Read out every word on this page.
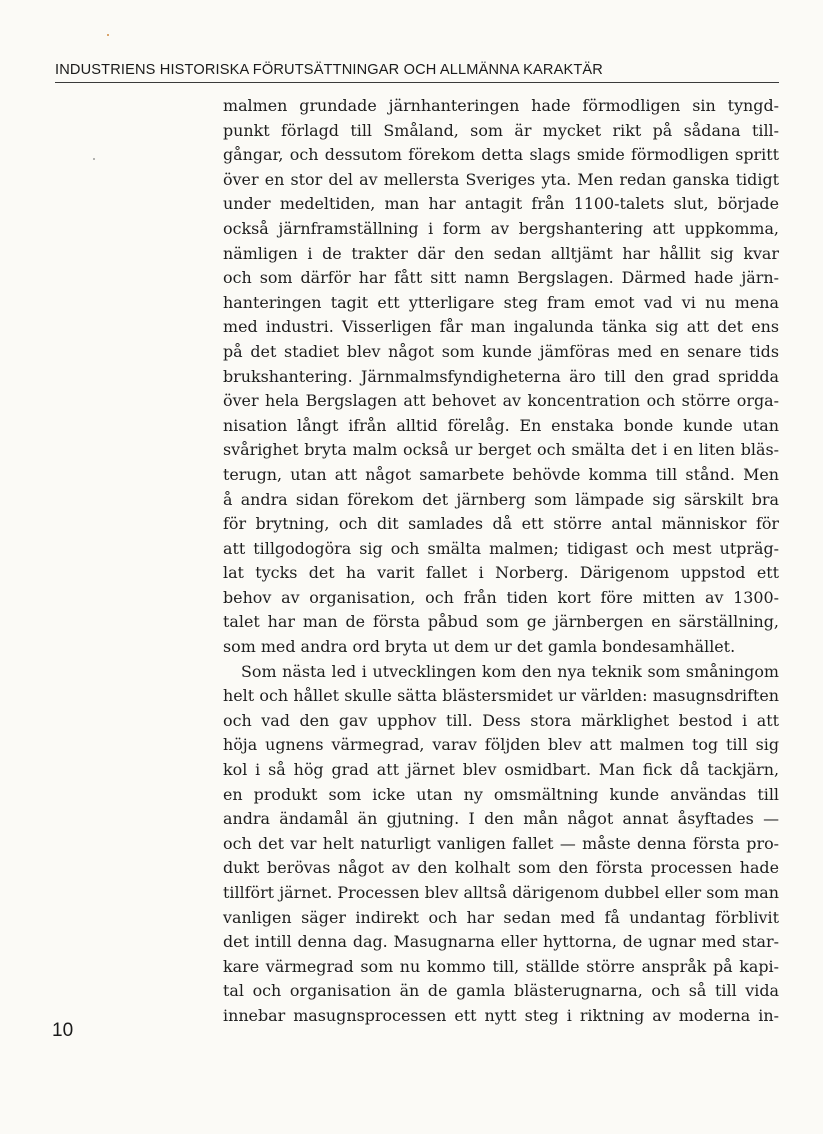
INDUSTRIENS HISTORISKA FÖRUTSÄTTNINGAR OCH ALLMÄNNA KARAKTÄR
malmen grundade järnhanteringen hade förmodligen sin tyngd-
punkt förlagd till Småland, som är mycket rikt på sådana till-
gångar, och dessutom förekom detta slags smide förmodligen spritt
över en stor del av mellersta Sveriges yta. Men redan ganska tidigt
under medeltiden, man har antagit från 1100-talets slut, började
också järnframställning i form av bergshantering att uppkomma,
nämligen i de trakter där den sedan alltjämt har hållit sig kvar
och som därför har fått sitt namn Bergslagen. Därmed hade järn-
hanteringen tagit ett ytterligare steg fram emot vad vi nu mena
med industri. Visserligen får man ingalunda tänka sig att det ens
på det stadiet blev något som kunde jämföras med en senare tids
brukshantering. Järnmalmsfyndigheterna äro till den grad spridda
över hela Bergslagen att behovet av koncentration och större orga-
nisation långt ifrån alltid förelåg. En enstaka bonde kunde utan
svårighet bryta malm också ur berget och smälta det i en liten bläs-
terugn, utan att något samarbete behövde komma till stånd. Men
å andra sidan förekom det järnberg som lämpade sig särskilt bra
för brytning, och dit samlades då ett större antal människor för
att tillgodogöra sig och smälta malmen; tidigast och mest utpräg-
lat tycks det ha varit fallet i Norberg. Därigenom uppstod ett
behov av organisation, och från tiden kort före mitten av 1300-
talet har man de första påbud som ge järnbergen en särställning,
som med andra ord bryta ut dem ur det gamla bondesamhället.
Som nästa led i utvecklingen kom den nya teknik som småningom
helt och hållet skulle sätta blästersmidet ur världen: masugnsdriften
och vad den gav upphov till. Dess stora märklighet bestod i att
höja ugnens värmegrad, varav följden blev att malmen tog till sig
kol i så hög grad att järnet blev osmidbart. Man fick då tackjärn,
en produkt som icke utan ny omsmältning kunde användas till
andra ändamål än gjutning. I den mån något annat åsyftades —
och det var helt naturligt vanligen fallet — måste denna första pro-
dukt berövas något av den kolhalt som den första processen hade
tillfört järnet. Processen blev alltså därigenom dubbel eller som man
vanligen säger indirekt och har sedan med få undantag förblivit
det intill denna dag. Masugnarna eller hyttorna, de ugnar med star-
kare värmegrad som nu kommo till, ställde större anspråk på kapi-
tal och organisation än de gamla blästerugnarna, och så till vida
innebar masugnsprocessen ett nytt steg i riktning av moderna in-
10
